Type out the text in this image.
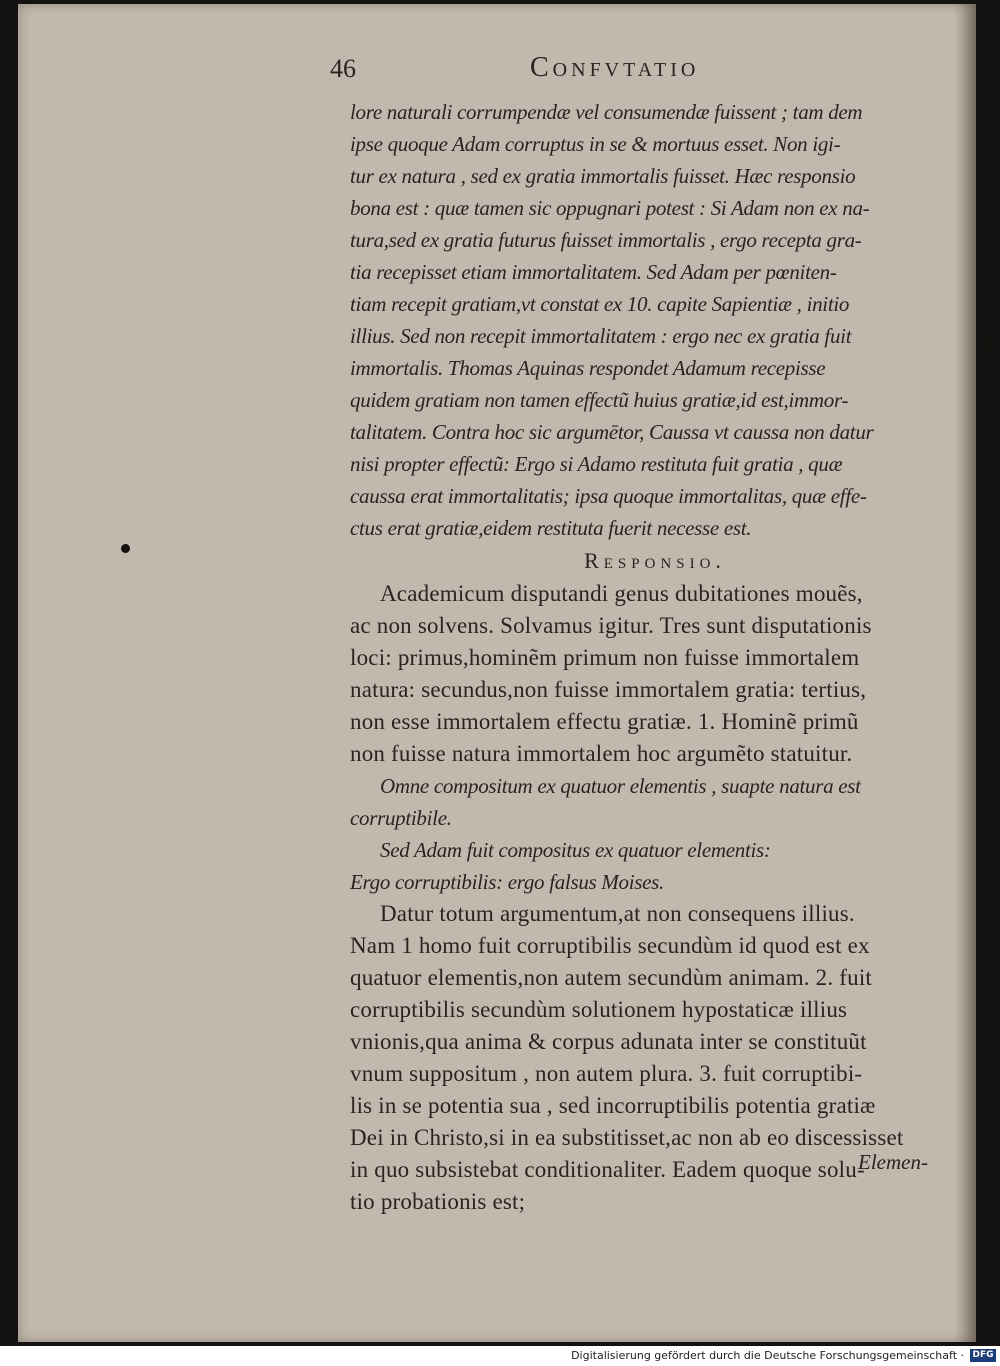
46	Confvtatio
lore naturali corrumpendæ vel consumendæ fuissent ; tam dem
ipse quoque Adam corruptus in se & mortuus esset. Non igi-
tur ex natura , sed ex gratia immortalis fuisset. Hæc responsio
bona est : quæ tamen sic oppugnari potest : Si Adam non ex na-
tura,sed ex gratia futurus fuisset immortalis , ergo recepta gra-
tia recepisset etiam immortalitatem. Sed Adam per pœniten-
tiam recepit gratiam,vt constat ex 10. capite Sapientiæ , initio
illius. Sed non recepit immortalitatem : ergo nec ex gratia fuit
immortalis. Thomas Aquinas respondet Adamum recepisse
quidem gratiam non tamen effectũ huius gratiæ,id est,immor-
talitatem. Contra hoc sic argumētor, Caussa vt caussa non datur
nisi propter effectũ: Ergo si Adamo restituta fuit gratia , quæ
caussa erat immortalitatis; ipsa quoque immortalitas, quæ effe-
ctus erat gratiæ,eidem restituta fuerit necesse est.
Responsio.
Academicum disputandi genus dubitationes mouẽs,
ac non solvens. Solvamus igitur. Tres sunt disputationis
loci: primus,hominẽm primum non fuisse immortalem
natura: secundus,non fuisse immortalem gratia: tertius,
non esse immortalem effectu gratiæ. 1. Hominẽ primũ
non fuisse natura immortalem hoc argumẽto statuitur.
Omne compositum ex quatuor elementis , suapte natura est
corruptibile.
Sed Adam fuit compositus ex quatuor elementis:
Ergo corruptibilis: ergo falsus Moises.
Datur totum argumentum,at non consequens illius.
Nam 1 homo fuit corruptibilis secundùm id quod est ex
quatuor elementis,non autem secundùm animam. 2. fuit
corruptibilis secundùm solutionem hypostaticæ illius
vnionis,qua anima & corpus adunata inter se constituũt
vnum suppositum , non autem plura. 3. fuit corruptibi-
lis in se potentia sua , sed incorruptibilis potentia gratiæ
Dei in Christo,si in ea substitisset,ac non ab eo discessisset
in quo subsistebat conditionaliter. Eadem quoque solu-
tio probationis est;
Elemen-
Digitalisierung gefördert durch die Deutsche Forschungsgemeinschaft · DFG
